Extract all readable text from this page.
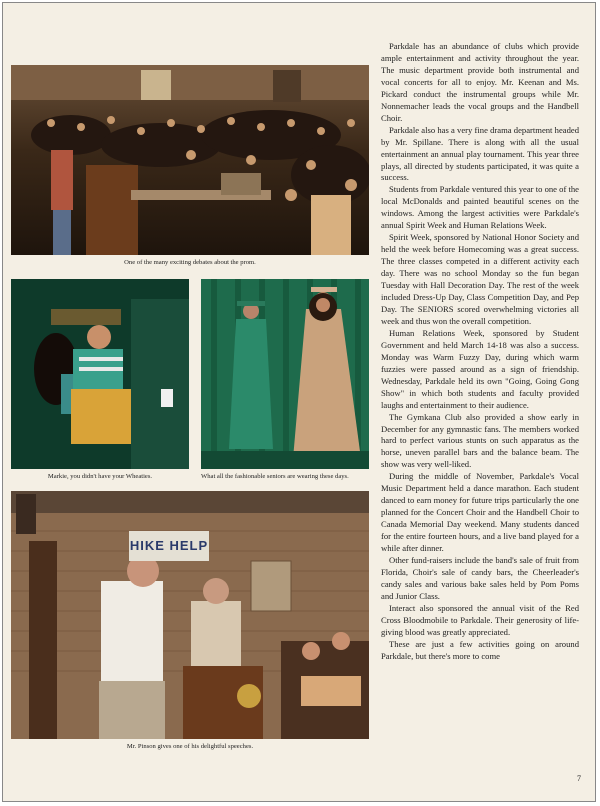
One of the many exciting debates about the prom.
Markie, you didn't have your Wheaties.	What all the fashionable seniors are wearing these days.
HIKE HELP
Mr. Pinson gives one of his delightful speeches.

Parkdale has an abundance of clubs which provide ample entertainment and activity throughout the year. The music department provide both instrumental and vocal concerts for all to enjoy. Mr. Keenan and Ms. Pickard conduct the instrumental groups while Mr. Nonnemacher leads the vocal groups and the Handbell Choir.

Parkdale also has a very fine drama department headed by Mr. Spillane. There is along with all the usual entertainment an annual play tournament. This year three plays, all directed by students participated, it was quite a success.

Students from Parkdale ventured this year to one of the local McDonalds and painted beautiful scenes on the windows. Among the largest activities were Parkdale's annual Spirit Week and Human Relations Week.

Spirit Week, sponsored by National Honor Society and held the week before Homecoming was a great success. The three classes competed in a different activity each day. There was no school Monday so the fun began Tuesday with Hall Decoration Day. The rest of the week included Dress-Up Day, Class Competition Day, and Pep Day. The SENIORS scored overwhelming victories all week and thus won the overall competition.

Human Relations Week, sponsored by Student Government and held March 14-18 was also a success. Monday was Warm Fuzzy Day, during which warm fuzzies were passed around as a sign of friendship. Wednesday, Parkdale held its own "Going, Going Gong Show" in which both students and faculty provided laughs and entertainment to their audience.

The Gymkana Club also provided a show early in December for any gymnastic fans. The members worked hard to perfect various stunts on such apparatus as the horse, uneven parallel bars and the balance beam. The show was very well-liked.

During the middle of November, Parkdale's Vocal Music Department held a dance marathon. Each student danced to earn money for future trips particularly the one planned for the Concert Choir and the Handbell Choir to Canada Memorial Day weekend. Many students danced for the entire fourteen hours, and a live band played for a while after dinner.

Other fund-raisers include the band's sale of fruit from Florida, Choir's sale of candy bars, the Cheerleader's candy sales and various bake sales held by Pom Poms and Junior Class.

Interact also sponsored the annual visit of the Red Cross Bloodmobile to Parkdale. Their generosity of life-giving blood was greatly appreciated.

These are just a few activities going on around Parkdale, but there's more to come

7
